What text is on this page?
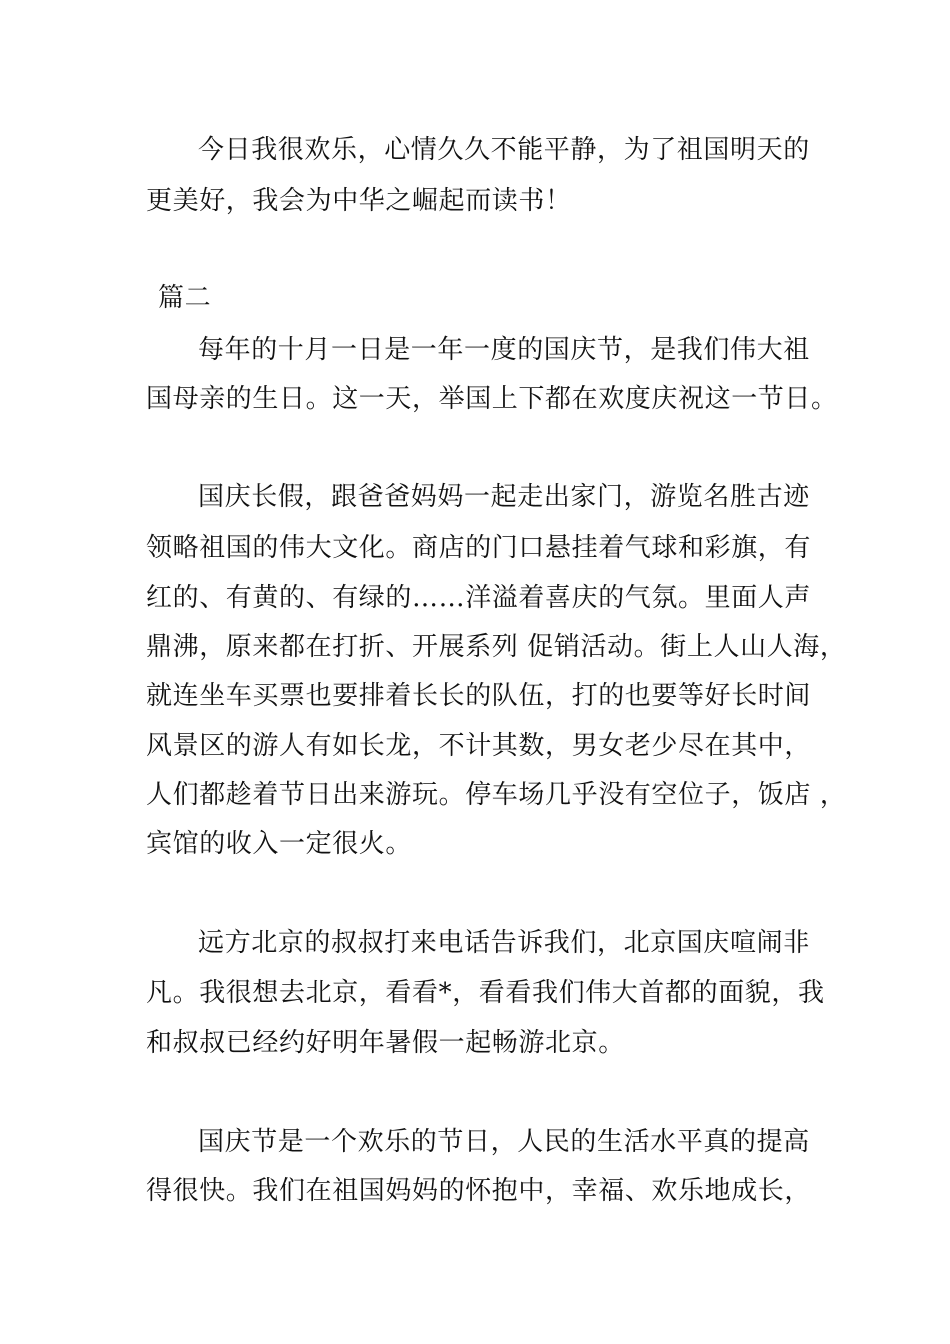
今日我很欢乐，心情久久不能平静，为了祖国明天的
更美好，我会为中华之崛起而读书！
篇二
每年的十月一日是一年一度的国庆节，是我们伟大祖
国母亲的生日。这一天，举国上下都在欢度庆祝这一节日。
国庆长假，跟爸爸妈妈一起走出家门，游览名胜古迹
领略祖国的伟大文化。商店的门口悬挂着气球和彩旗，有
红的、有黄的、有绿的……洋溢着喜庆的气氛。里面人声
鼎沸，原来都在打折、开展系列 促销活动。街上人山人海，
就连坐车买票也要排着长长的队伍，打的也要等好长时间
风景区的游人有如长龙，不计其数，男女老少尽在其中，
人们都趁着节日出来游玩。停车场几乎没有空位子，饭店 ，
宾馆的收入一定很火。
远方北京的叔叔打来电话告诉我们，北京国庆喧闹非
凡。我很想去北京，看看*，看看我们伟大首都的面貌，我
和叔叔已经约好明年暑假一起畅游北京。
国庆节是一个欢乐的节日，人民的生活水平真的提高
得很快。我们在祖国妈妈的怀抱中，幸福、欢乐地成长，
